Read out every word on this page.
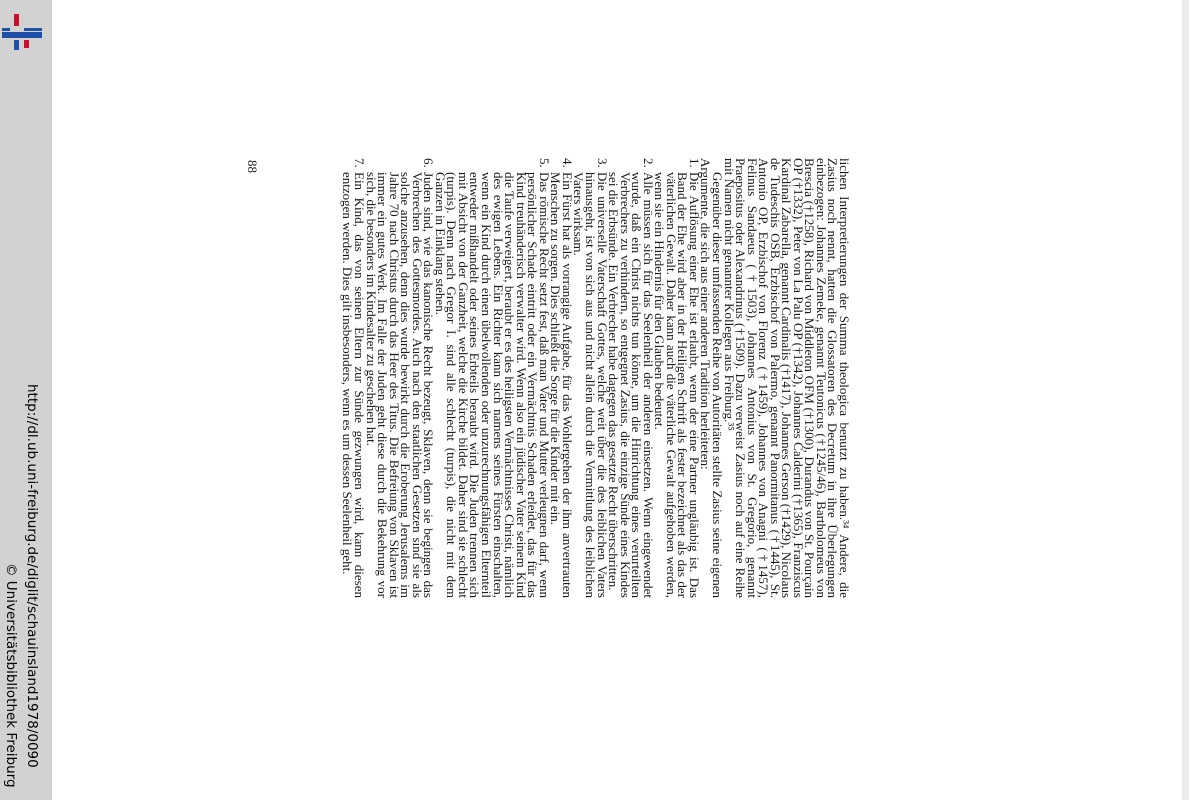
http://dl.ub.uni-freiburg.de/diglit/schauinsland1978/0090
© Universitätsbibliothek Freiburg

lichen Interpretierungen der Summa theologica benutzt zu haben.³⁴ Andere, die Zasius noch nennt, hatten die Glossatoren des Decretum in ihre Überlegungen einbezogen: Johannes Zemeke, genannt Teutonicus (†1245/46), Bartholomeus von Brescia (†1258), Richard von Middleton OFM (†1300), Durandus von St. Pourçain OP (†1332), Peter von La Palu OP (†1342), Johannes Calderini (†1365), Franziscus Kardinal Zabarella, genannt Cardinalis (†1417), Johannes Gerson (†1429), Nicolaus de Tudeschis OSB, Erzbischof von Palermo, genannt Panormitanus (†1445), St. Antonio OP, Erzbischof von Florenz (†1459), Johannes von Anagni (†1457), Felinus Sandaeus (†1503), Johannes Antonius von St. Gregorio, genannt Praepositus oder Alexandrinus (†1509). Dazu verweist Zasius noch auf eine Reihe mit Namen nicht genannter Kollegen aus Freiburg.³⁵

Gegenüber dieser umfassenden Reihe von Autoritäten stellte Zasius seine eigenen Argumente, die sich aus einer anderen Tradition herleiteten:

1.
Die Auflösung einer Ehe ist erlaubt, wenn der eine Partner ungläubig ist. Das Band der Ehe wird aber in der Heiligen Schrift als fester bezeichnet als das der väterlichen Gewalt. Daher kann auch die väterliche Gewalt aufgehoben werden, wenn sie ein Hindernis für den Glauben bedeutet.
2.
Alle müssen sich für das Seelenheil der anderen einsetzen. Wenn eingewendet wurde, daß ein Christ nichts tun könne, um die Hinrichtung eines verurteilten Verbrechers zu verhindern, so entgegnet Zasius, die einzige Sünde eines Kindes sei die Erbsünde. Ein Verbrecher habe dagegen das gesetzte Recht überschritten.
3.
Die universelle Vaterschaft Gottes, welche weit über die des leiblichen Vaters hinausgeht, ist von sich aus und nicht allein durch die Vermittlung des leiblichen Vaters wirksam.
4.
Ein Fürst hat als vorrangige Aufgabe, für das Wohlergehen der ihm anvertrauten Menschen zu sorgen. Dies schließt die Sorge für die Kinder mit ein.
5.
Das römische Recht setzt fest, daß man Vater und Mutter verleugnen darf, wenn persönlicher Schade eintritt oder ein Vermächtnis Schaden erleidet, das für das Kind treuhänderisch verwalter wird. Wenn also ein jüdischer Vater seinem Kind die Taufe verweigert, beraubt er es des heiligsten Vermächtnisses Christi, nämlich des ewigen Lebens. Ein Richter kann sich namens seines Fürsten einschalten, wenn ein Kind durch einen übelwollenden oder unzurechnungsfähigen Elternteil entweder mißhandelt oder seines Erbteils beraubt wird. Die Juden trennen sich mit Absicht von der Ganzheit, welche die Kirche bildet. Daher sind sie schlecht (turpis). Denn nach Gregor I. sind alle schlecht (turpis), die nicht mit dem Ganzen in Einklang stehen.
6.
Juden sind, wie das kanonische Recht bezeugt, Sklaven, denn sie begingen das Verbrechen des Gottesmordes. Auch nach den staatlichen Gesetzen sind sie als solche anzusehen, denn dies wurde bewirkt durch die Eroberung Jerusalems im Jahre 70 nach Christus durch das Heer des Titus. Die Befreiung von Sklaven ist immer ein gutes Werk. Im Falle der Juden geht diese durch die Bekehrung vor sich, die besonders im Kindesalter zu geschehen hat.
7.
Ein Kind, das von seinen Eltern zur Sünde gezwungen wird, kann diesen entzogen werden. Dies gilt insbesonders, wenn es um dessen Seelenheil geht.
88
